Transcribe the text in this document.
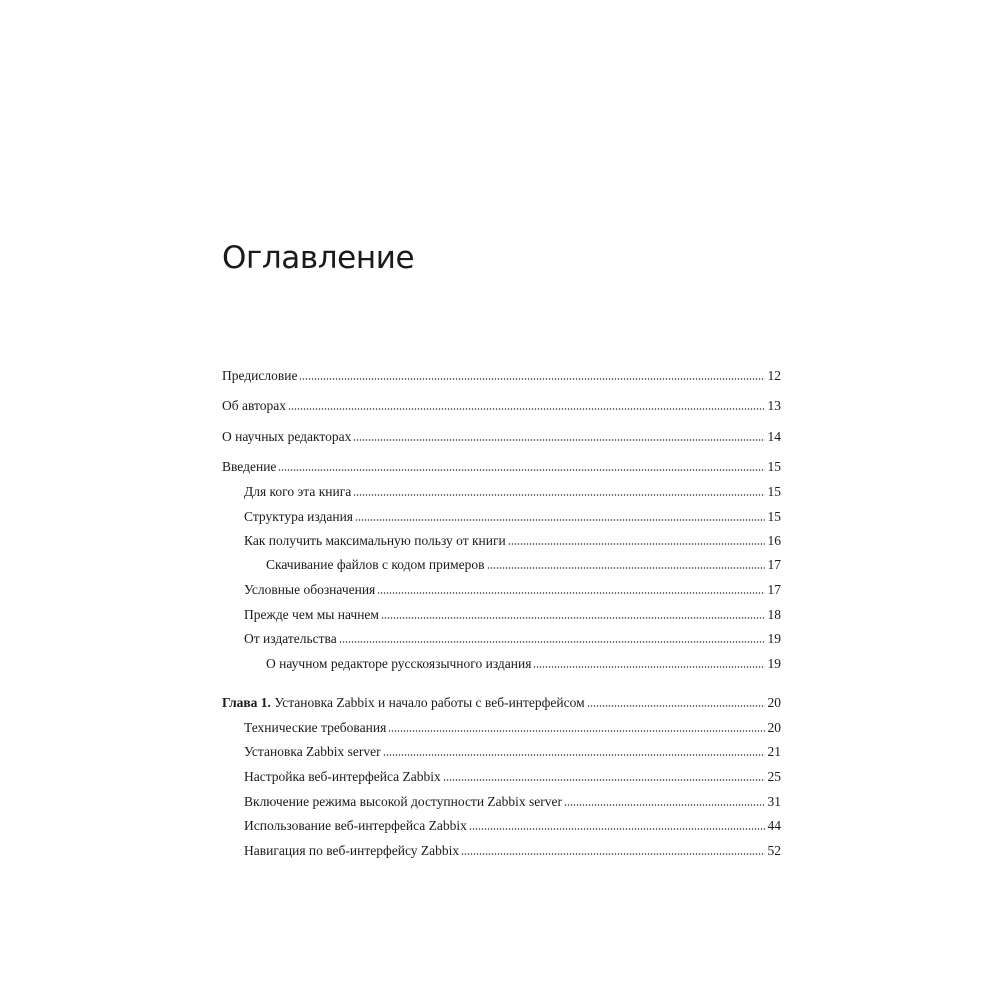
Оглавление
Предисловие	12
Об авторах	13
О научных редакторах	14
Введение	15
Для кого эта книга	15
Структура издания	15
Как получить максимальную пользу от книги	16
Скачивание файлов с кодом примеров	17
Условные обозначения	17
Прежде чем мы начнем	18
От издательства	19
О научном редакторе русскоязычного издания	19
Глава 1. Установка Zabbix и начало работы с веб-интерфейсом	20
Технические требования	20
Установка Zabbix server	21
Настройка веб-интерфейса Zabbix	25
Включение режима высокой доступности Zabbix server	31
Использование веб-интерфейса Zabbix	44
Навигация по веб-интерфейсу Zabbix	52
